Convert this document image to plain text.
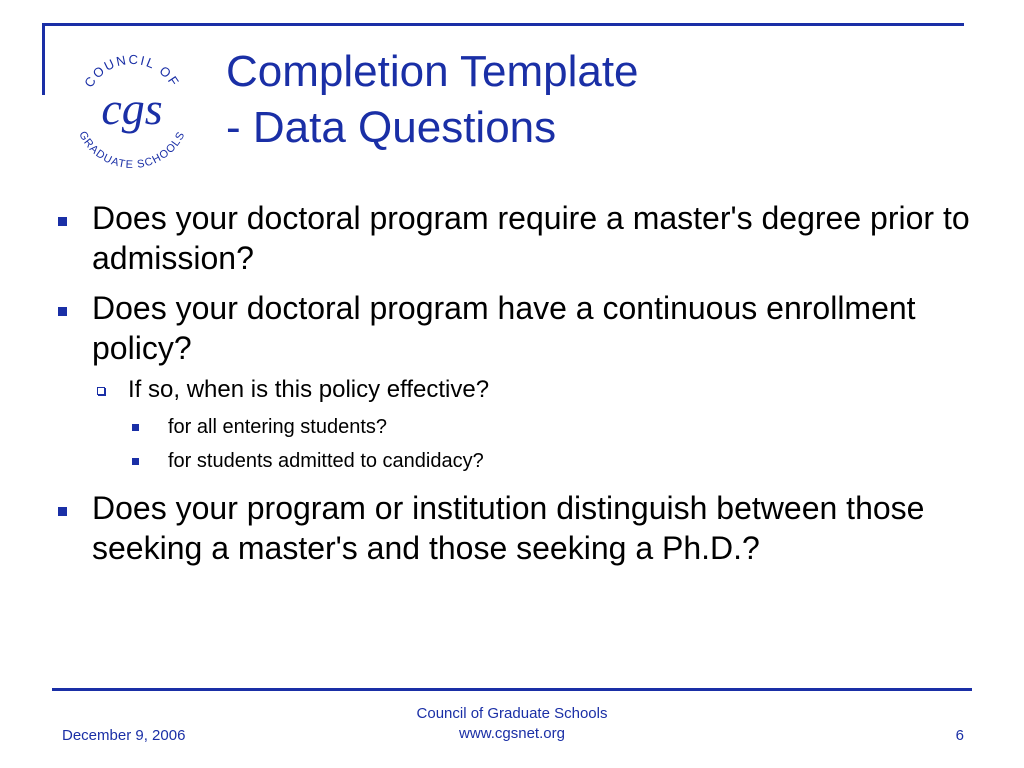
COUNCIL OF
GRADUATE SCHOOLS
cgs
Completion Template
- Data Questions
Does your doctoral program require a master's degree prior to admission?
Does your doctoral program have a continuous enrollment policy?
If so, when is this policy effective?
for all entering students?
for students admitted to candidacy?
Does your program or institution distinguish between those seeking a master's and those seeking a Ph.D.?
December 9, 2006
Council of Graduate Schools
www.cgsnet.org	6
